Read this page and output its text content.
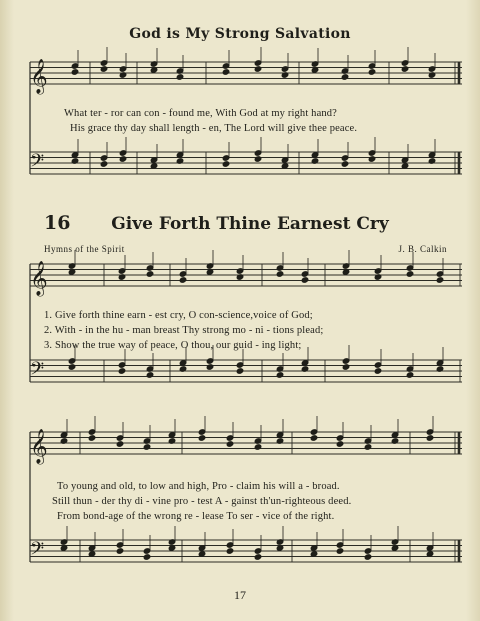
𝄞
𝄢
𝄞
𝄢
𝄞
𝄢
God is My Strong Salvation
What ter - ror can con - found me, With God at my right hand?
His grace thy day shall length - en, The Lord will give thee peace.
16	Give Forth Thine Earnest Cry
Hymns of the Spirit	J. B. Calkin
1. Give forth thine earn - est cry, O con-science,voice of God;
2. With - in the hu - man breast Thy strong mo - ni - tions plead;
3. Show the true way of peace, O thou, our guid - ing light;
To young and old, to low and high, Pro - claim his will a - broad.
Still thun - der thy di - vine pro - test A - gainst th'un-righteous deed.
From bond-age of the wrong re - lease To ser - vice of the right.
17
